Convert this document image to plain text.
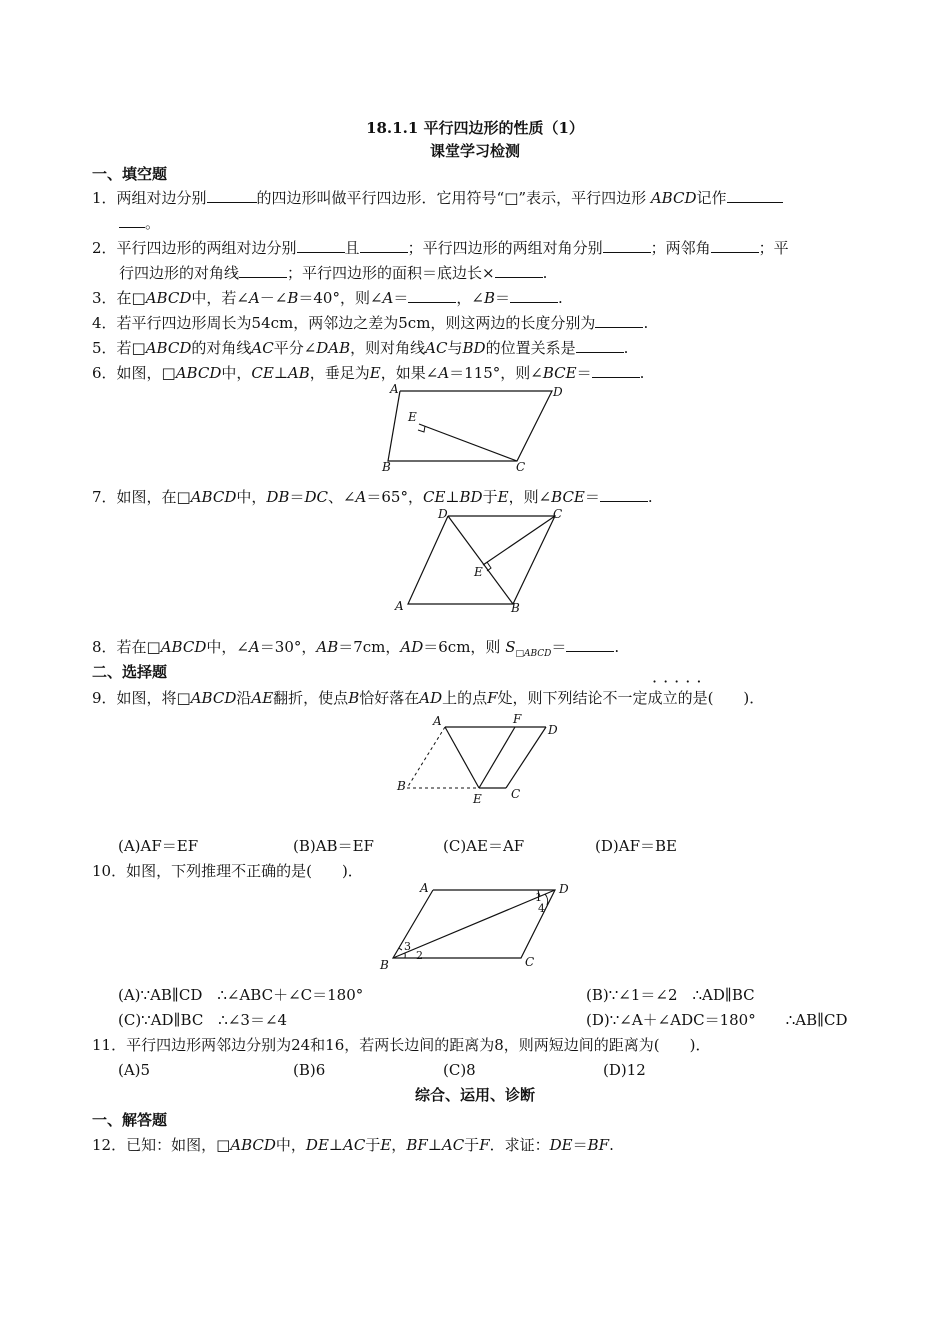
18.1.1 平行四边形的性质（1）
课堂学习检测
一、填空题
1．两组对边分别	的四边形叫做平行四边形．它用符号“□”表示，平行四边形 ABCD记作
。
2．平行四边形的两组对边分别	且	；平行四边形的两组对角分别	；两邻角	；平
行四边形的对角线	；平行四边形的面积＝底边长×	.
3．在□ABCD中，若∠A－∠B＝40°，则∠A＝	，∠B＝	.
4．若平行四边形周长为54cm，两邻边之差为5cm，则这两边的长度分别为	.
5．若□ABCD的对角线AC平分∠DAB，则对角线AC与BD的位置关系是	.
6．如图，□ABCD中，CE⊥AB，垂足为E，如果∠A＝115°，则∠BCE＝	.
A	D
E
B	C
7．如图，在□ABCD中，DB＝DC、∠A＝65°，CE⊥BD于E，则∠BCE＝	.
D	C
E
A	B
8．若在□ABCD中，∠A＝30°，AB＝7cm，AD＝6cm，则 $S_{□ABCD}=$	.
二、选择题	·····
9．如图，将□ABCD沿AE翻折，使点B恰好落在AD上的点F处，则下列结论不一定成立的是(　　)．
A	F
D
B
E C
(A)AF＝EF	(B)AB＝EF	(C)AE＝AF	(D)AF＝BE
10．如图，下列推理不正确的是(　　)．
A	D
1
4
3
2
B	C
(A)∵AB∥CD　∴∠ABC＋∠C＝180°	(B)∵∠1＝∠2　∴AD∥BC
(C)∵AD∥BC　∴∠3＝∠4	(D)∵∠A＋∠ADC＝180°　　∴AB∥CD
11．平行四边形两邻边分别为24和16，若两长边间的距离为8，则两短边间的距离为(　　)．
(A)5	(B)6	(C)8	(D)12
综合、运用、诊断
一、解答题
12．已知：如图，□ABCD中，DE⊥AC于E，BF⊥AC于F．求证：DE＝BF.
